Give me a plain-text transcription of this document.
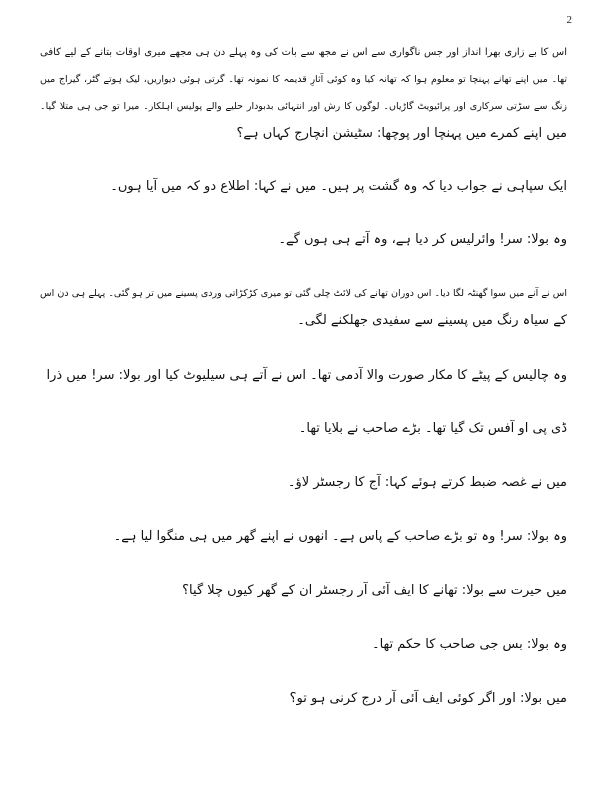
2
اس کا بے زاری بھرا انداز اور جس ناگواری سے اس نے مجھ سے بات کی وہ پہلے دن ہی مجھے میری اوقات بتانے کے لیے کافی
تھا۔ میں اپنے تھانے پہنچا تو معلوم ہوا کہ تھانہ کیا وہ کوئی آثارِ قدیمہ کا نمونہ تھا۔ گرتی ہوئی دیواریں، لیک ہوتے گٹر، گیراج میں
زنگ سے سڑتی سرکاری اور پرائیویٹ گاڑیاں۔ لوگوں کا رش اور انتہائی بدبودار حلیے والے پولیس اہلکار۔ میرا تو جی ہی متلا گیا۔
میں اپنے کمرے میں پہنچا اور پوچھا: سٹیشن انچارج کہاں ہے؟
ایک سپاہی نے جواب دیا کہ وہ گشت پر ہیں۔ میں نے کہا: اطلاع دو کہ میں آیا ہوں۔
وہ بولا: سر! وائرلیس کر دیا ہے، وہ آتے ہی ہوں گے۔
اس نے آنے میں سوا گھنٹہ لگا دیا۔ اس دوران تھانے کی لائٹ چلی گئی تو میری کڑکڑاتی وردی پسینے میں تر ہو گئی۔ پہلے ہی دن اس
کے سیاہ رنگ میں پسینے سے سفیدی جھلکنے لگی۔
وہ چالیس کے پیٹے کا مکار صورت والا آدمی تھا۔ اس نے آتے ہی سیلیوٹ کیا اور بولا: سر! میں ذرا
ڈی پی او آفس تک گیا تھا۔ بڑے صاحب نے بلایا تھا۔
میں نے غصہ ضبط کرتے ہوئے کہا: آج کا رجسٹر لاؤ۔
وہ بولا: سر! وہ تو بڑے صاحب کے پاس ہے۔ انھوں نے اپنے گھر میں ہی منگوا لیا ہے۔
میں حیرت سے بولا: تھانے کا ایف آئی آر رجسٹر ان کے گھر کیوں چلا گیا؟
وہ بولا: بس جی صاحب کا حکم تھا۔
میں بولا: اور اگر کوئی ایف آئی آر درج کرنی ہو تو؟
